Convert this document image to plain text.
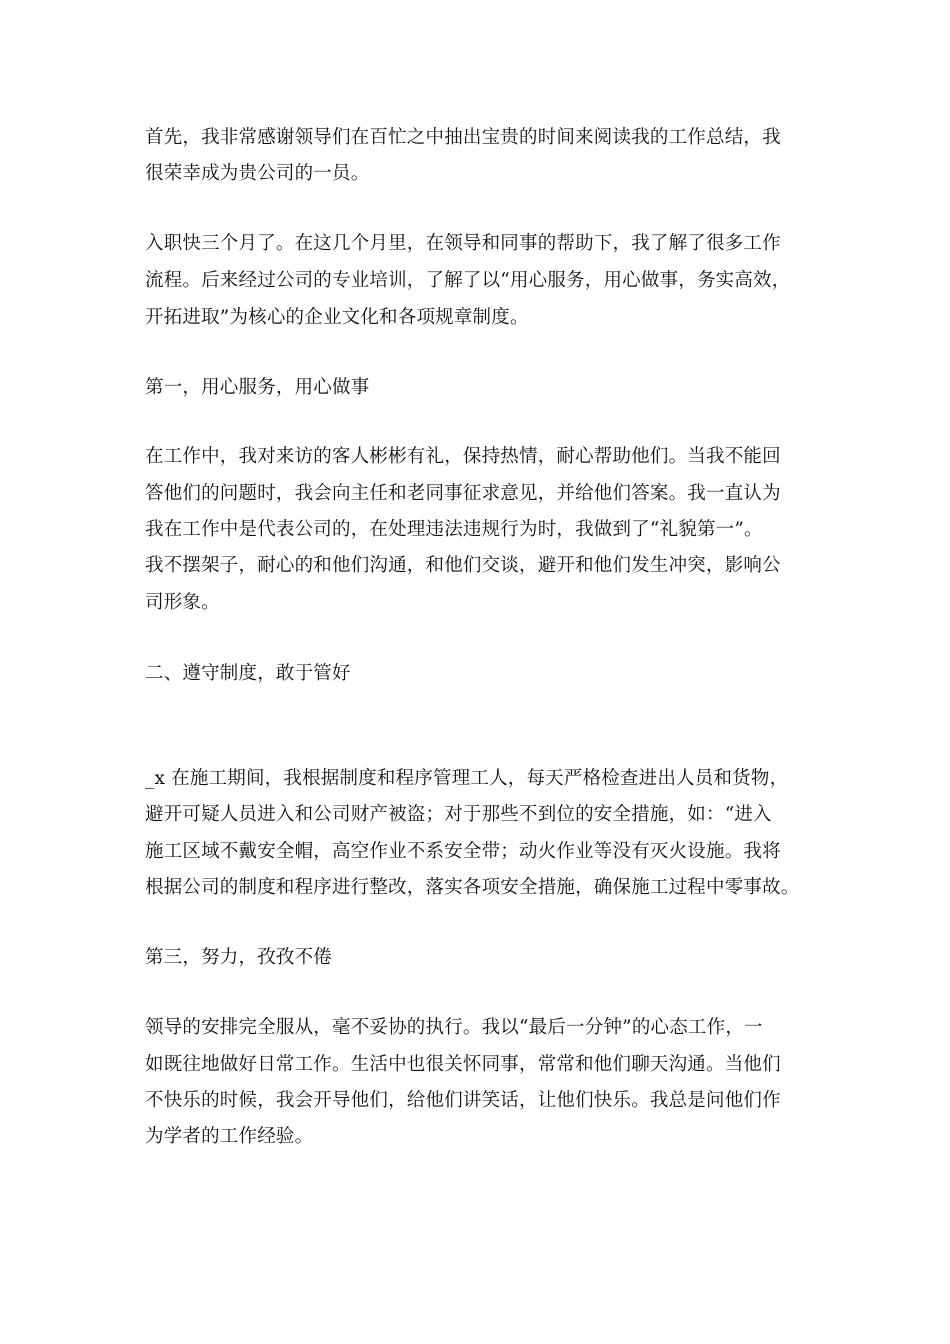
首先，我非常感谢领导们在百忙之中抽出宝贵的时间来阅读我的工作总结，我
很荣幸成为贵公司的一员。
入职快三个月了。在这几个月里，在领导和同事的帮助下，我了解了很多工作
流程。后来经过公司的专业培训，了解了以“用心服务，用心做事，务实高效，
开拓进取”为核心的企业文化和各项规章制度。
第一，用心服务，用心做事
在工作中，我对来访的客人彬彬有礼，保持热情，耐心帮助他们。当我不能回
答他们的问题时，我会向主任和老同事征求意见，并给他们答案。我一直认为
我在工作中是代表公司的，在处理违法违规行为时，我做到了“礼貌第一”。
我不摆架子，耐心的和他们沟通，和他们交谈，避开和他们发生冲突，影响公
司形象。
二、遵守制度，敢于管好
_x 在施工期间，我根据制度和程序管理工人，每天严格检查进出人员和货物，
避开可疑人员进入和公司财产被盗；对于那些不到位的安全措施，如：“进入
施工区域不戴安全帽，高空作业不系安全带；动火作业等没有灭火设施。我将
根据公司的制度和程序进行整改，落实各项安全措施，确保施工过程中零事故。
第三，努力，孜孜不倦
领导的安排完全服从，毫不妥协的执行。我以“最后一分钟”的心态工作，一
如既往地做好日常工作。生活中也很关怀同事，常常和他们聊天沟通。当他们
不快乐的时候，我会开导他们，给他们讲笑话，让他们快乐。我总是问他们作
为学者的工作经验。
